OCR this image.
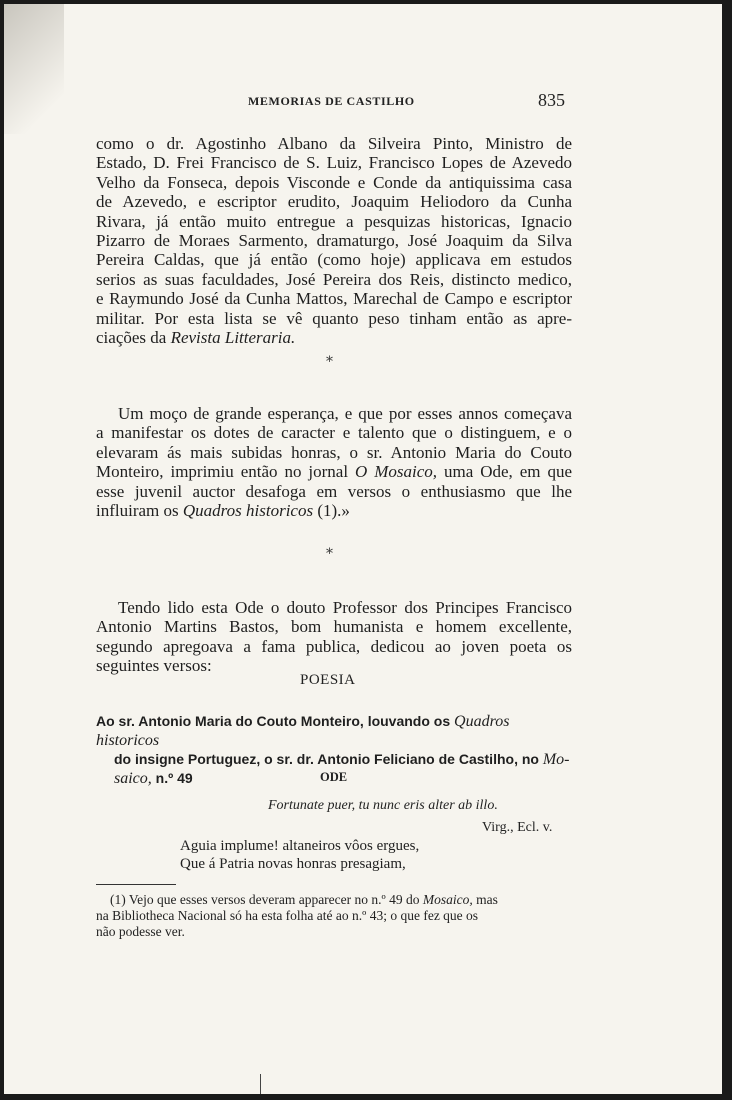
MEMORIAS DE CASTILHO	835
como o dr. Agostinho Albano da Silveira Pinto, Ministro de
Estado, D. Frei Francisco de S. Luiz, Francisco Lopes de Azevedo
Velho da Fonseca, depois Visconde e Conde da antiquissima casa
de Azevedo, e escriptor erudito, Joaquim Heliodoro da Cunha
Rivara, já então muito entregue a pesquizas historicas, Ignacio
Pizarro de Moraes Sarmento, dramaturgo, José Joaquim da Silva
Pereira Caldas, que já então (como hoje) applicava em estudos
serios as suas faculdades, José Pereira dos Reis, distincto medico,
e Raymundo José da Cunha Mattos, Marechal de Campo e escriptor
militar. Por esta lista se vê quanto peso tinham então as apre-
ciações da Revista Litteraria.
*
Um moço de grande esperança, e que por esses annos começava
a manifestar os dotes de caracter e talento que o distinguem, e o
elevaram ás mais subidas honras, o sr. Antonio Maria do Couto
Monteiro, imprimiu então no jornal O Mosaico, uma Ode, em que
esse juvenil auctor desafoga em versos o enthusiasmo que lhe
influiram os Quadros historicos (1).»
*
Tendo lido esta Ode o douto Professor dos Principes Francisco
Antonio Martins Bastos, bom humanista e homem excellente,
segundo apregoava a fama publica, dedicou ao joven poeta os
seguintes versos:
POESIA
Ao sr. Antonio Maria do Couto Monteiro, louvando os Quadros historicos
do insigne Portuguez, o sr. dr. Antonio Feliciano de Castilho, no Mo-
saico, n.º 49	ODE
Fortunate puer, tu nunc eris alter ab illo.
Virg., Ecl. v.
Aguia implume! altaneiros vôos ergues,
Que á Patria novas honras presagiam,
(1) Vejo que esses versos deveram apparecer no n.º 49 do Mosaico, mas
na Bibliotheca Nacional só ha esta folha até ao n.º 43; o que fez que os
não podesse ver.
